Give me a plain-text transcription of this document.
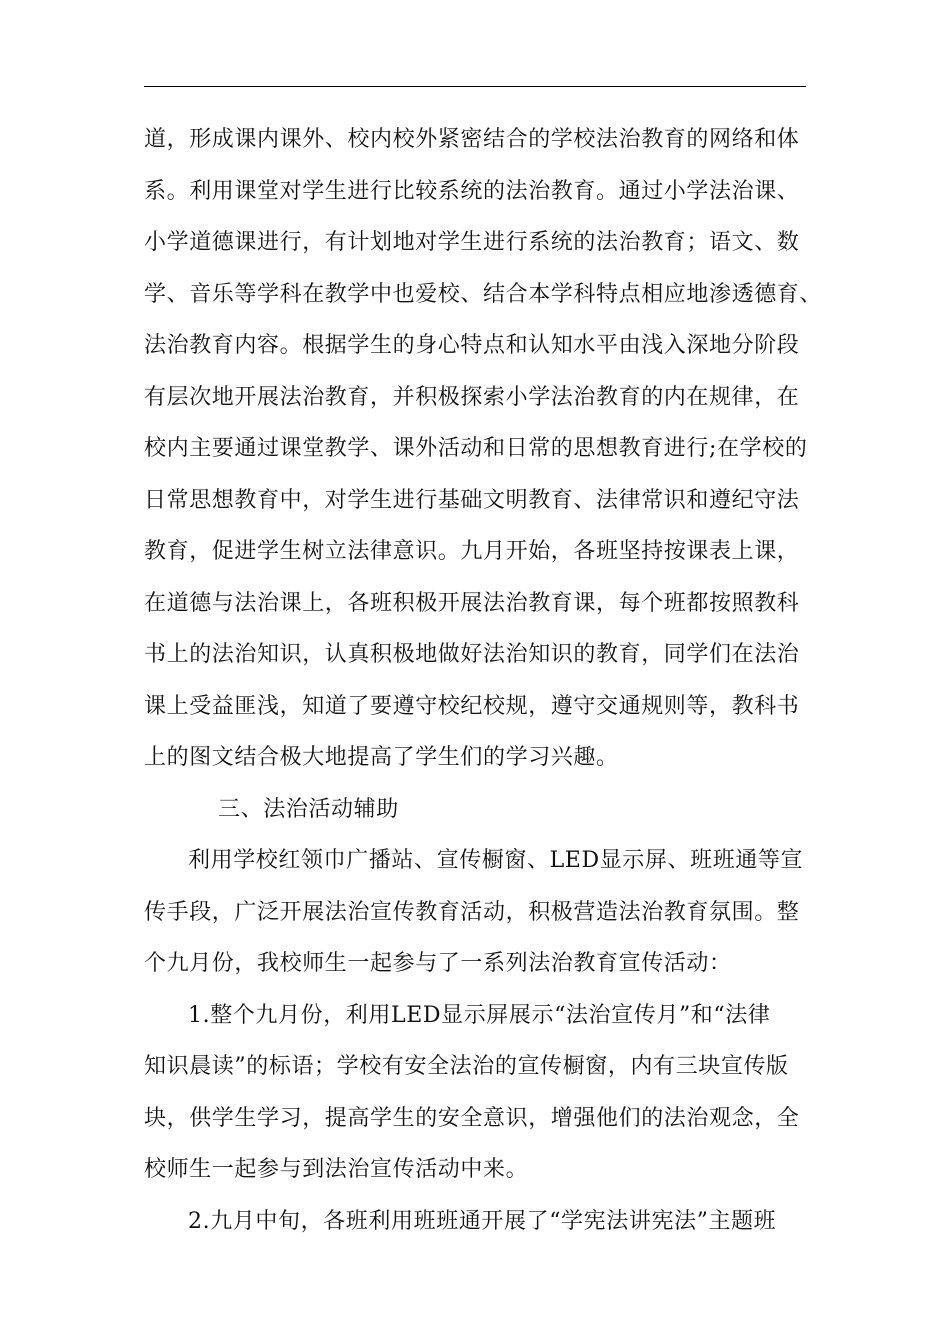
道，形成课内课外、校内校外紧密结合的学校法治教育的网络和体
系。利用课堂对学生进行比较系统的法治教育。通过小学法治课、
小学道德课进行，有计划地对学生进行系统的法治教育；语文、数
学、音乐等学科在教学中也爱校、结合本学科特点相应地渗透德育、
法治教育内容。根据学生的身心特点和认知水平由浅入深地分阶段
有层次地开展法治教育，并积极探索小学法治教育的内在规律，在
校内主要通过课堂教学、课外活动和日常的思想教育进行;在学校的
日常思想教育中，对学生进行基础文明教育、法律常识和遵纪守法
教育，促进学生树立法律意识。九月开始，各班坚持按课表上课，
在道德与法治课上，各班积极开展法治教育课，每个班都按照教科
书上的法治知识，认真积极地做好法治知识的教育，同学们在法治
课上受益匪浅，知道了要遵守校纪校规，遵守交通规则等，教科书
上的图文结合极大地提高了学生们的学习兴趣。
三、法治活动辅助
利用学校红领巾广播站、宣传橱窗、LED显示屏、班班通等宣
传手段，广泛开展法治宣传教育活动，积极营造法治教育氛围。整
个九月份，我校师生一起参与了一系列法治教育宣传活动：
1.整个九月份，利用LED显示屏展示“法治宣传月”和“法律
知识晨读”的标语；学校有安全法治的宣传橱窗，内有三块宣传版
块，供学生学习，提高学生的安全意识，增强他们的法治观念，全
校师生一起参与到法治宣传活动中来。
2.九月中旬，各班利用班班通开展了“学宪法讲宪法”主题班
